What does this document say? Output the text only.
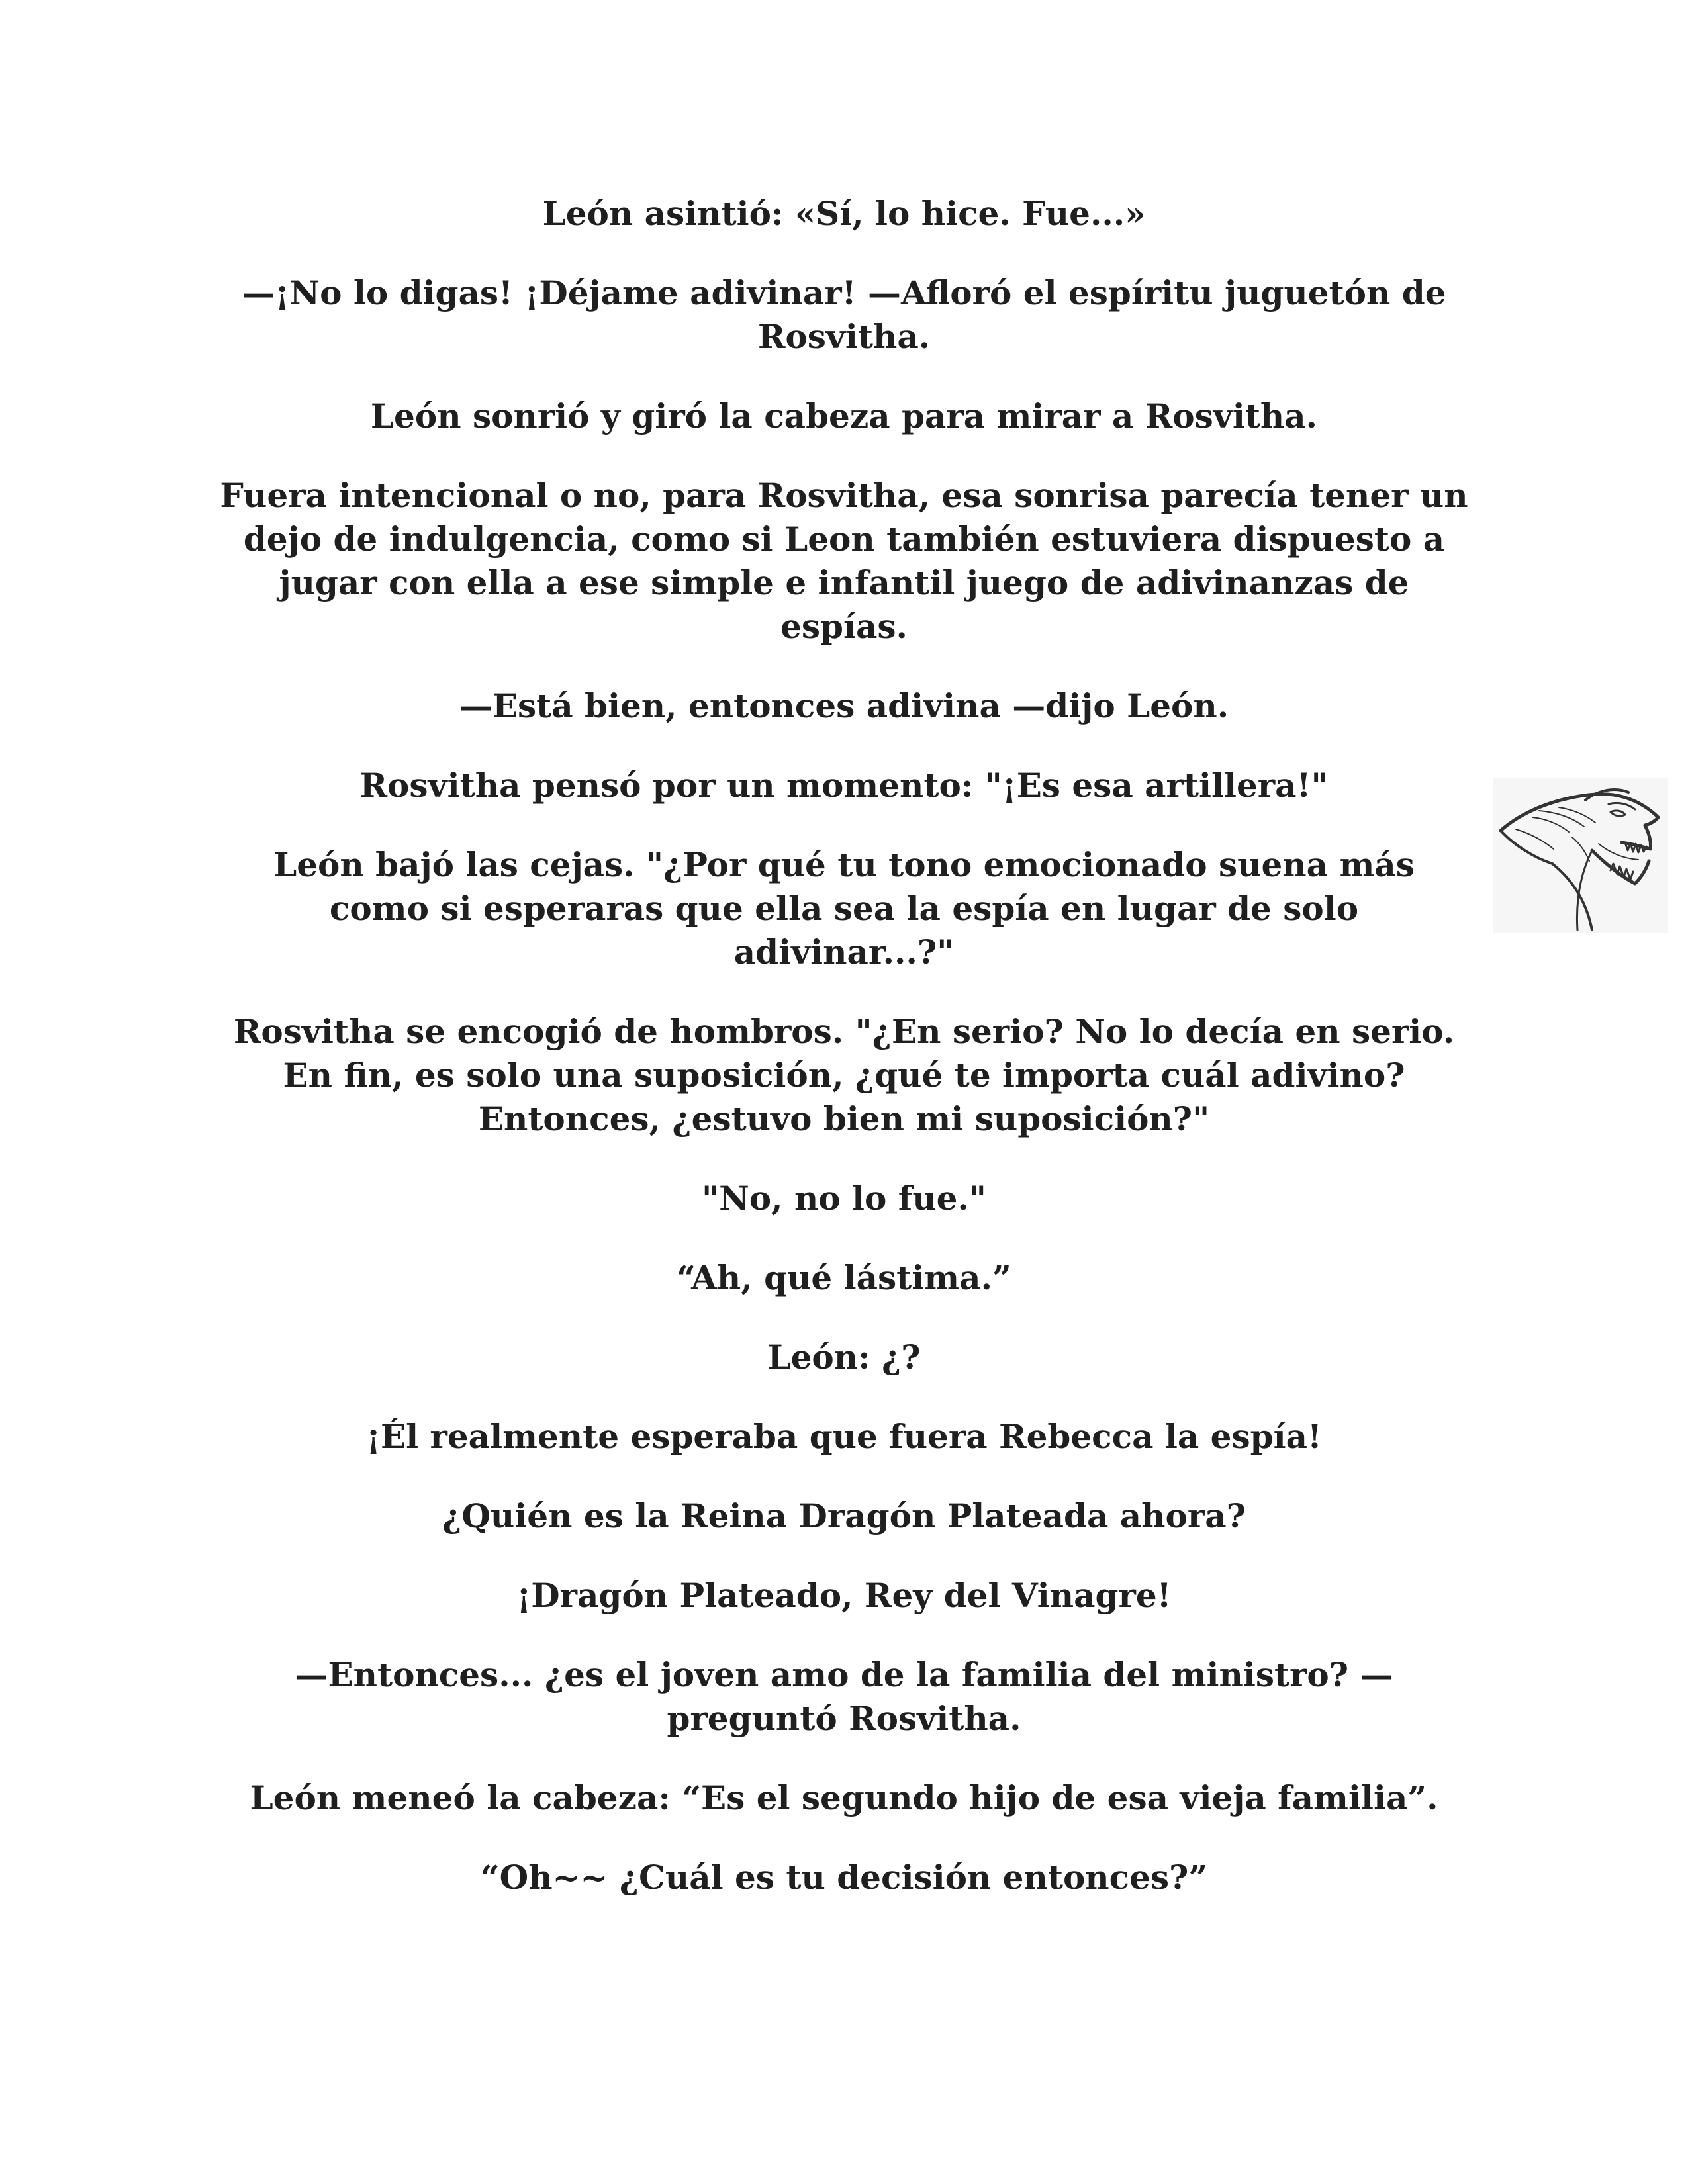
León asintió: «Sí, lo hice. Fue...»

—¡No lo digas! ¡Déjame adivinar! —Afloró el espíritu juguetón de Rosvitha.

León sonrió y giró la cabeza para mirar a Rosvitha.

Fuera intencional o no, para Rosvitha, esa sonrisa parecía tener un dejo de indulgencia, como si Leon también estuviera dispuesto a jugar con ella a ese simple e infantil juego de adivinanzas de espías.

—Está bien, entonces adivina —dijo León.

Rosvitha pensó por un momento: "¡Es esa artillera!"

León bajó las cejas. "¿Por qué tu tono emocionado suena más como si esperaras que ella sea la espía en lugar de solo adivinar...?"

Rosvitha se encogió de hombros. "¿En serio? No lo decía en serio. En fin, es solo una suposición, ¿qué te importa cuál adivino? Entonces, ¿estuvo bien mi suposición?"

"No, no lo fue."

“Ah, qué lástima.”

León: ¿?

¡Él realmente esperaba que fuera Rebecca la espía!

¿Quién es la Reina Dragón Plateada ahora?

¡Dragón Plateado, Rey del Vinagre!

—Entonces... ¿es el joven amo de la familia del ministro? —preguntó Rosvitha.

León meneó la cabeza: “Es el segundo hijo de esa vieja familia”.

“Oh~~ ¿Cuál es tu decisión entonces?”
